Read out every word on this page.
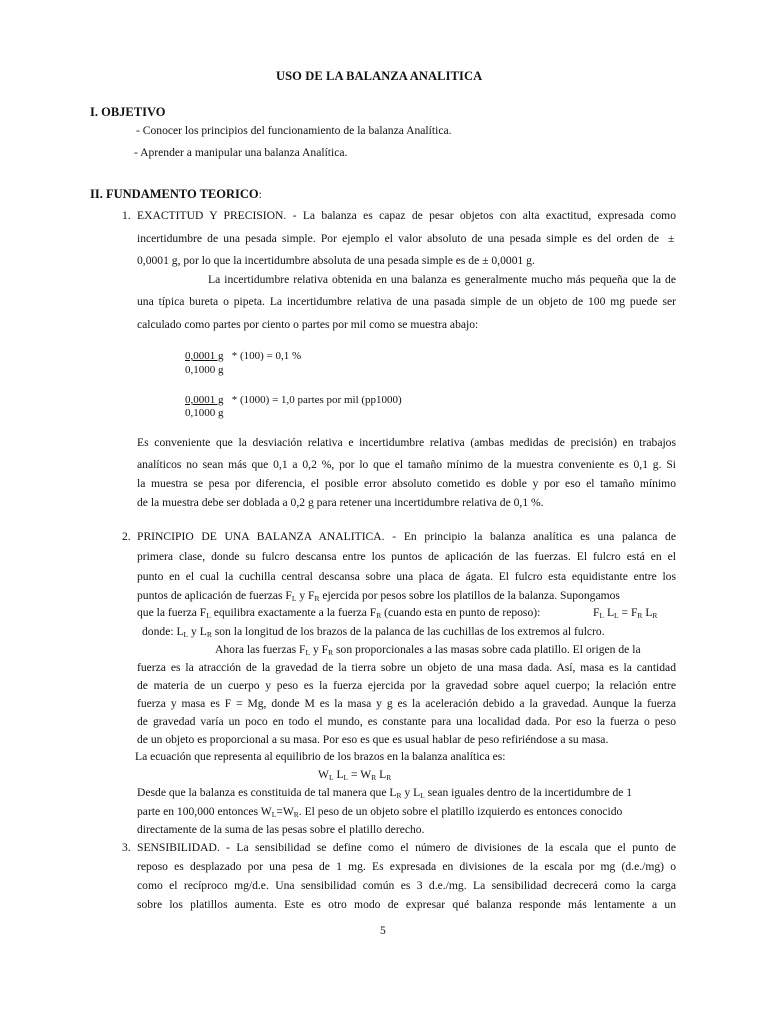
USO DE LA BALANZA ANALITICA
I. OBJETIVO
- Conocer los principios del funcionamiento de la balanza Analítica.
- Aprender a manipular una balanza Analítica.
II. FUNDAMENTO TEORICO:
1. EXACTITUD Y PRECISION. - La balanza es capaz de pesar objetos con alta exactitud, expresada como
incertidumbre de una pesada simple. Por ejemplo el valor absoluto de una pesada simple es del orden de ±
0,0001 g, por lo que la incertidumbre absoluta de una pesada simple es de ± 0,0001 g.
La incertidumbre relativa obtenida en una balanza es generalmente mucho más pequeña que la de
una típica bureta o pipeta. La incertidumbre relativa de una pasada simple de un objeto de 100 mg puede ser
calculado como partes por ciento o partes por mil como se muestra abajo:
0,0001 g * (100) = 0,1 %
0,1000 g
0,0001 g * (1000) = 1,0 partes por mil (pp1000)
0,1000 g
Es conveniente que la desviación relativa e incertidumbre relativa (ambas medidas de precisión) en trabajos
analíticos no sean más que 0,1 a 0,2 %, por lo que el tamaño mínimo de la muestra conveniente es 0,1 g. Si
la muestra se pesa por diferencia, el posible error absoluto cometido es doble y por eso el tamaño mínimo
de la muestra debe ser doblada a 0,2 g para retener una incertidumbre relativa de 0,1 %.
2. PRINCIPIO DE UNA BALANZA ANALITICA. - En principio la balanza analítica es una palanca de
primera clase, donde su fulcro descansa entre los puntos de aplicación de las fuerzas. El fulcro está en el
punto en el cual la cuchilla central descansa sobre una placa de ágata. El fulcro esta equidistante entre los
puntos de aplicación de fuerzas $F_L$ y $F_R$ ejercida por pesos sobre los platillos de la balanza. Supongamos
que la fuerza $F_L$ equilibra exactamente a la fuerza $F_R$ (cuando esta en punto de reposo):	$F_L$ $L_L = F_R$ $L_R$
donde: $L_L$ y $L_R$ son la longitud de los brazos de la palanca de las cuchillas de los extremos al fulcro.
Ahora las fuerzas $F_L$ y $F_R$ son proporcionales a las masas sobre cada platillo. El origen de la
fuerza es la atracción de la gravedad de la tierra sobre un objeto de una masa dada. Así, masa es la cantidad
de materia de un cuerpo y peso es la fuerza ejercida por la gravedad sobre aquel cuerpo; la relación entre
fuerza y masa es F = Mg, donde M es la masa y g es la aceleración debido a la gravedad. Aunque la fuerza
de gravedad varía un poco en todo el mundo, es constante para una localidad dada. Por eso la fuerza o peso
de un objeto es proporcional a su masa. Por eso es que es usual hablar de peso refiriéndose a su masa.
La ecuación que representa al equilibrio de los brazos en la balanza analítica es:
$W_L$ $L_L = W_R$ $L_R$
Desde que la balanza es constituida de tal manera que $L_R$ y $L_L$ sean iguales dentro de la incertidumbre de 1
parte en 100,000 entonces $W_L=W_R$. El peso de un objeto sobre el platillo izquierdo es entonces conocido
directamente de la suma de las pesas sobre el platillo derecho.
3. SENSIBILIDAD. - La sensibilidad se define como el número de divisiones de la escala que el punto de
reposo es desplazado por una pesa de 1 mg. Es expresada en divisiones de la escala por mg (d.e./mg) o
como el recíproco mg/d.e. Una sensibilidad común es 3 d.e./mg. La sensibilidad decrecerá como la carga
sobre los platillos aumenta. Este es otro modo de expresar qué balanza responde más lentamente a un
5
